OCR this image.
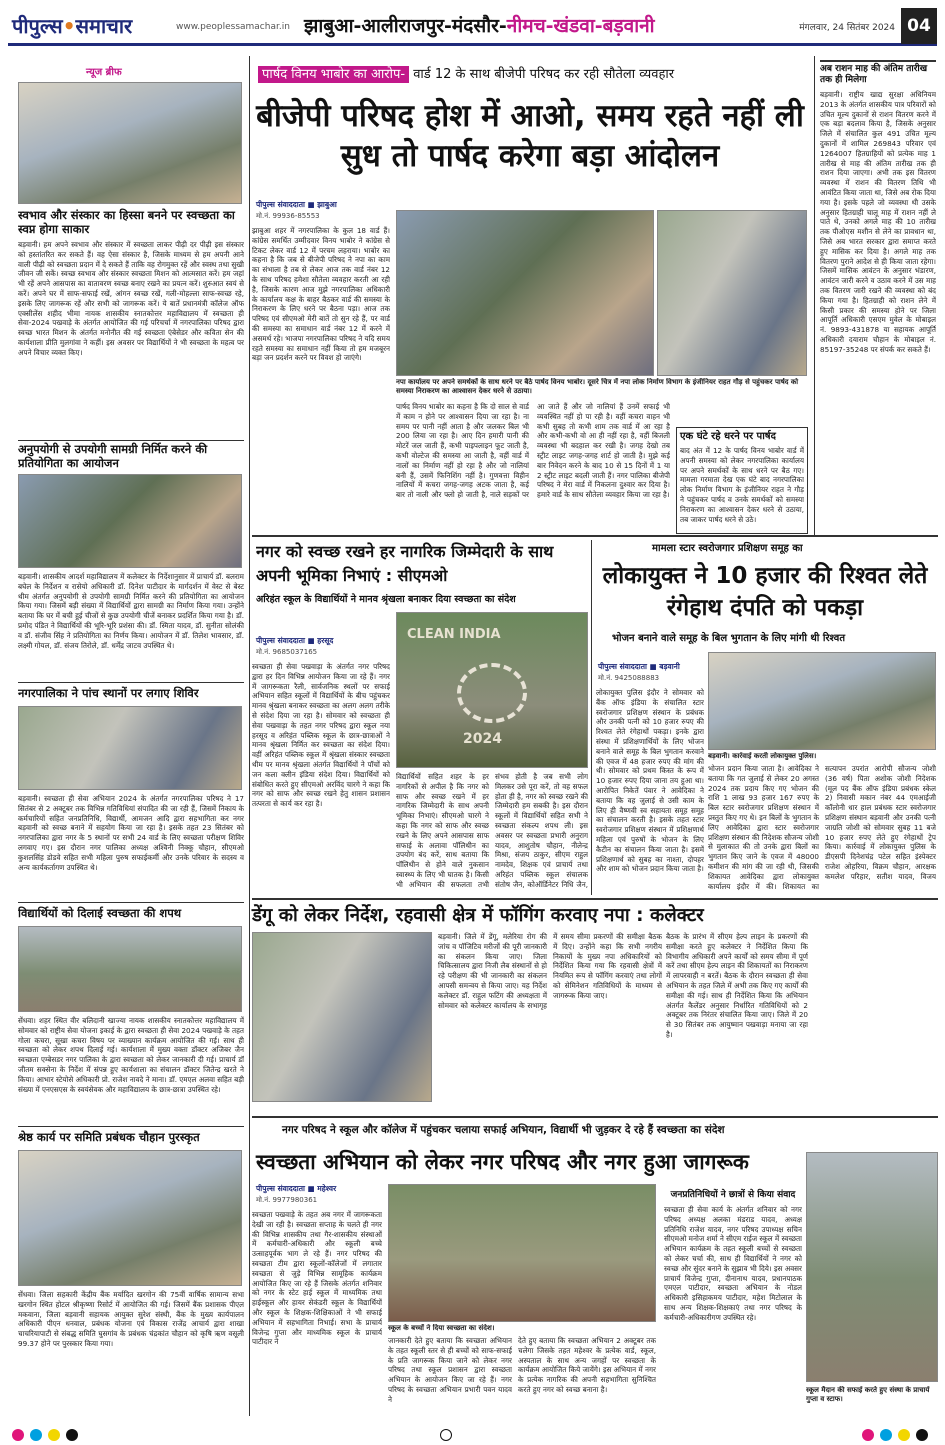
पीपुल्स•समाचार	www.peoplessamachar.in झाबुआ-आलीराजपुर-मंदसौर-नीमच-खंडवा-बड़वानी	मंगलवार, 24 सितंबर 2024 04
न्यूज ब्रीफ
स्वभाव और संस्कार का हिस्सा बनने पर स्वच्छता का स्वप्न होगा साकार
बड़वानी। हम अपने स्वभाव और संस्कार में स्वच्छता लाकर पीढ़ी दर पीढ़ी इस संस्कार को हस्तांतरित कर सकते हैं। वह ऐसा संस्कार है, जिसके माध्यम से हम अपनी आने वाली पीढ़ी को स्वच्छता प्रदान में दे सकते हैं ताकि वह रोगमुक्त रहें और स्वस्थ तथा सुखी जीवन जी सकें। स्वच्छ स्वभाव और संस्कार स्वच्छता मिशन को आत्मसात करें। हम जहां भी रहें अपने आसपास का वातावरण स्वच्छ बनाए रखने का प्रयत्न करें। शुरुआत स्वयं से करें। अपने घर में साफ-सफाई रखें, आंगन स्वच्छ रखें, गली-मोहल्ला साफ-स्वच्छ रहे, इसके लिए जागरूक रहें और सभी को जागरूक करें। ये बातें प्रधानमंत्री कॉलेज ऑफ एक्सीलेंस शहीद भीमा नायक शासकीय स्नातकोत्तर महाविद्यालय में स्वच्छता ही सेवा-2024 पखवाड़े के अंतर्गत आयोजित की गई परिचर्चा में नगरपालिका परिषद द्वारा स्वच्छ भारत मिशन के अंतर्गत मनोनीत की गई स्वच्छता एंबेसेडर और कविता सेन की कार्यशाला प्रीति मुलगांवा ने कहीं। इस अवसर पर विद्यार्थियों ने भी स्वच्छता के महत्व पर अपने विचार व्यक्त किए।
अनुपयोगी से उपयोगी सामग्री निर्मित करने की प्रतियोगिता का आयोजन
बड़वानी। शासकीय आदर्श महाविद्यालय में कलेक्टर के निर्देशानुसार में प्राचार्य डॉ. बलराम बघेल के निर्देशन व रासेयो अधिकारी डॉ. दिनेश पाटीदार के मार्गदर्शन में वेस्ट से बेस्ट थीम अंतर्गत अनुपयोगी से उपयोगी सामग्री निर्मित करने की प्रतियोगिता का आयोजन किया गया। जिसमें बड़ी संख्या में विद्यार्थियों द्वारा सामग्री का निर्माण किया गया। उन्होंने बताया कि घर में बची हुई चीजों से कुछ उपयोगी चीजें बनाकर प्रदर्शित किया गया है। डॉ. प्रमोद पंडित ने विद्यार्थियों की भूरि-भूरि प्रशंसा की। डॉ. स्मिता यादव, डॉ. सुनीता सोलंकी व डॉ. संजीव सिंह ने प्रतियोगिता का निर्णय किया। आयोजन में डॉ. तिलेश भावसार, डॉ. लक्ष्मी गोयल, डॉ. संजय तिरोले, डॉ. धर्मेंद्र जाटव उपस्थित थे।
नगरपालिका ने पांच स्थानों पर लगाए शिविर
बड़वानी। स्वच्छता ही सेवा अभियान 2024 के अंतर्गत नगरपालिका परिषद ने 17 सितंबर से 2 अक्टूबर तक विभिन्न गतिविधियां संपादित की जा रही हैं, जिसमें निकाय के कर्मचारियों सहित जनप्रतिनिधि, विद्यार्थी, आमजन आदि द्वारा सहभागिता कर नगर बड़वानी को स्वच्छ बनाने में सहयोग किया जा रहा है। इसके तहत 23 सितंबर को नगरपालिका द्वारा नगर के 5 स्थानों पर सभी 24 वार्ड के लिए स्वच्छता परीक्षण शिविर लगवाए गए। इस दौरान नगर पालिका अध्यक्ष अश्विनी निक्कू चौहान, सीएमओ कुशलसिंह डोडवे सहित सभी महिला पुरुष सफाईकर्मी और उनके परिवार के सदस्य व अन्य कार्यकर्तागण उपस्थित थे।
विद्यार्थियों को दिलाई स्वच्छता की शपथ
सेंधवा। शहर स्थित वीर बलिदानी खाज्या नायक शासकीय स्नातकोत्तर महाविद्यालय में सोमवार को राष्ट्रीय सेवा योजना इकाई के द्वारा स्वच्छता ही सेवा 2024 पखवाड़े के तहत गोला कचरा, सूखा कचरा विषय पर व्याख्यान कार्यक्रम आयोजित की गई। साथ ही स्वच्छता को लेकर शपथ दिलाई गई। कार्यशाला में मुख्य वक्ता डॉक्टर अजिबर जैन स्वच्छता एम्बेसडर नगर पालिका के द्वारा स्वच्छता को लेकर जानकारी दी गई। प्राचार्य डॉ जीतम सक्सेना के निर्देश में संपन्न हुए कार्यशाला का संचालन डॉक्टर जितेन्द्र खरते ने किया। आभार स्टेयोसे अधिकारी प्रो. राजेश नावदे ने माना। डॉ. एमएल अलवा सहित बड़ी संख्या में एनएसएस के स्वयंसेवक और महाविद्यालय के छात्र-छात्रा उपस्थित रहे।
श्रेष्ठ कार्य पर समिति प्रबंधक चौहान पुरस्कृत
सेंधवा। जिला सहकारी केंद्रीय बैंक मर्यादित खरगोन की 75वीं वार्षिक सामान्य सभा खरगोन स्थित होटल श्रीकृष्णा रिसोर्ट में आयोजित की गई। जिसमें बैंक प्रशासक पीएल मकवाना, जिला बड़वानी सहायक आयुक्त सुरेश संस्थी, बैंक के मुख्य कार्यपालन अधिकारी पीएन धनवाल, प्रबंधक योजना एवं विकास राजेंद्र आचार्य द्वारा शाखा चाचरियापाटी से संबद्ध समिति घुसगांव के प्रबंधक चंद्रकांत चौहान को कृषि ऋण वसूली 99.37 होने पर पुरस्कार किया गया।
पार्षद विनय भाबोर का आरोप- वार्ड 12 के साथ बीजेपी परिषद कर रही सौतेला व्यवहार
बीजेपी परिषद होश में आओ, समय रहते नहीं ली सुध तो पार्षद करेगा बड़ा आंदोलन
पीपुल्स संवाददाता ■ झाबुआ
मो.नं. 99936-85553
झाबुआ शहर में नगरपालिका के कुल 18 वार्ड हैं। कांग्रेस समर्थित उम्मीदवार विनय भाबोर ने कांग्रेस से टिकट लेकर वार्ड 12 में परचम लहराया। भाबोर का कहना है कि जब से बीजेपी परिषद ने नपा का काम का संभाला है तब से लेकर आज तक वार्ड नंबर 12 के साथ परिषद हमेशा सौतेला व्यवहार करती आ रही है, जिसके कारण आज मुझे नगरपालिका अधिकारी के कार्यालय कक्ष के बाहर बैठकर वार्ड की समस्या के निराकरण के लिए धरने पर बैठना पड़ा। आज तक परिषद एवं सीएमओ मेरी बातें तो सुन रहे हैं, पर वार्ड की समस्या का समाधान वार्ड नंबर 12 में करने में असमर्थ रहे। भाजपा नगरपालिका परिषद ने यदि समय रहते समस्या का समाधान नहीं किया तो हम मजबूरन बड़ा जन प्रदर्शन करने पर विवश हो जाएंगे।
नपा कार्यालय पर अपने समर्थकों के साथ धरने पर बैठे पार्षद विनय भाबोर। दूसरे चित्र में नपा लोक निर्माण विभाग के इंजीनियर राहत गौड़ से पहुंचकर पार्षद को समस्या निराकरण का आश्वासन देकर धरने से उठाया।
पार्षद विनय भाबोर का कहना है कि दो साल से वार्ड में काम न होने पर आश्वासन दिया जा रहा है। ना समय पर पानी नहीं आता है और जलकर बिल भी 200 लिया जा रहा है। आए दिन हमारी पानी की मोटरें जल जाती हैं, कभी पाइपलाइन फूट जाती है, कभी वोल्टेज की समस्या आ जाती है, वहीं वार्ड में नालों का निर्माण नहीं हो रहा है और जो नालियां बनी हैं, उसमें फिनिशिंग नहीं है। गुणवत्ता विहीन नालियों में कचरा जगह-जगह अटक जाता है, कई बार तो नाली और फ्लो हो जाती है, नाले सड़कों पर आ जाते हैं और जो नालियां हैं उनमें सफाई भी व्यवस्थित नहीं हो पा रही है। वहीं कचरा वाहन भी कभी सुबह तो कभी शाम तक वार्ड में आ रहा है और कभी-कभी वो आ ही नहीं रहा है, वहीं बिजली व्यवस्था भी बदहाल कर रखी है। जगह देखो तब स्ट्रीट लाइट जगह-जगह शार्ट हो जाती है। मुझे कई बार निवेदन करने के बाद 10 से 15 दिनों में 1 या 2 स्ट्रीट लाइट बदली जाती हैं। नगर पालिका बीजेपी परिषद ने मेरा वार्ड में निकलना दुश्वार कर दिया है। हमारे वार्ड के साथ सौतेला व्यवहार किया जा रहा है।
एक घंटे रहे धरने पर पार्षद
बाद अंत में 12 के पार्षद विनय भाबोर वार्ड में अपनी समस्या को लेकर नगरपालिका कार्यालय पर अपने समर्थकों के साथ धरने पर बैठ गए। मामला गरमाता देख एक घंटे बाद नगरपालिका लोक निर्माण विभाग के इंजीनियर राहत ने गौड़ ने पहुंचकर पार्षद व उनके समर्थकों को समस्या निराकरण का आश्वासन देकर धरने से उठाया, तब जाकर पार्षद धरने से उठे।
अब राशन माह की अंतिम तारीख तक ही मिलेगा
बड़वानी। राष्ट्रीय खाद्य सुरक्षा अधिनियम 2013 के अंतर्गत शासकीय पात्र परिवारों को उचित मूल्य दुकानों से राशन वितरण करने में एक बड़ा बदलाव किया है, जिसके अनुसार जिले में संचालित कुल 491 उचित मूल्य दुकानों में शामिल 269843 परिवार एवं 1264007 हितग्राहियों को प्रत्येक माह 1 तारीख से माह की अंतिम तारीख तक ही राशन दिया जाएगा। अभी तक इस वितरण व्यवस्था में राशन की वितरण तिथि भी आवंटित किया जाता था, जिसे अब रोक दिया गया है। इसके पहले जो व्यवस्था थी उसके अनुसार हितग्राही चालू माह में राशन नहीं ले पाते थे, उनको अगले माह की 10 तारीख तक पीओएस मशीन से लेने का प्रावधान था, जिसे अब भारत सरकार द्वारा समाप्त करते हुए मासिक कर दिया है। अगले माह तक वितरण पुराने आदेश से ही किया जाता रहेगा। जिसमें मासिक आवंटन के अनुसार भंडारण, आवंटन जारी करने व उठाव करने में उस माह तक वितरण जारी रखने की व्यवस्था को बंद किया गया है। हितग्राही को राशन लेने में किसी प्रकार की समस्या होने पर जिला आपूर्ति अधिकारी एसएम मुवेल के मोबाइल नं. 9893-431878 या सहायक आपूर्ति अधिकारी दयाराम चौहान के मोबाइल नं. 85197-35248 पर संपर्क कर सकते हैं।
नगर को स्वच्छ रखने हर नागरिक जिम्मेदारी के साथ अपनी भूमिका निभाएं : सीएमओ
अरिहंत स्कूल के विद्यार्थियों ने मानव श्रृंखला बनाकर दिया स्वच्छता का संदेश
पीपुल्स संवाददाता ■ हरसूद
मो.नं. 9685037165
स्वच्छता ही सेवा पखवाड़ा के अंतर्गत नगर परिषद द्वारा हर दिन विभिन्न आयोजन किया जा रहे हैं। नगर में जागरूकता रैली, सार्वजनिक स्थलों पर सफाई अभियान सहित स्कूलों में विद्यार्थियों के बीच पहुंचकर मानव श्रृंखला बनाकर स्वच्छता का अलग अलग तरीके से संदेश दिया जा रहा है। सोमवार को स्वच्छता ही सेवा पखवाड़ा के तहत नगर परिषद द्वारा स्कूल नया हरसूद व अरिहंत पब्लिक स्कूल के छात्र-छात्राओं ने मानव श्रृंखला निर्मित कर स्वच्छता का संदेश दिया। वहीं अरिहंत पब्लिक स्कूल में श्रृंखला संस्कार स्वच्छता थीम पर मानव श्रृंखला अंतर्गत विद्यार्थियों ने पॉचों को जन कला क्लीन इंडिया संदेश दिया। विद्यार्थियों को संबोधित करते हुए सीएमओ अरविंद चारगे ने कहा कि नगर को साफ और स्वच्छ रखने हेतु शासन प्रशासन तत्परता से कार्य कर रहा है।
CLEAN INDIA
2024
विद्यार्थियों सहित शहर के हर नागरिकों से अपील है कि नगर को साफ और स्वच्छ रखने में हर नागरिक जिम्मेदारी के साथ अपनी भूमिका निभाएं। सीएमओ चारगे ने कहा कि नगर को साफ और स्वच्छ रखने के लिए अपने आसपास साफ सफाई के अलावा पॉलिथीन का उपयोग बंद करें, साथ बताया कि पॉलिथीन से होने वाले नुकसान स्वास्थ्य के लिए भी घातक है। किसी भी अभियान की सफलता तभी संभव होती है जब सभी लोग मिलकर उसे पूरा करें, तो वह सफल होता ही है, नगर को स्वच्छ रखने की जिम्मेदारी हम सबकी है। इस दौरान स्कूलों में विद्यार्थियों सहित सभी ने स्वच्छता संकल्प शपथ ली। इस अवसर पर स्वच्छता प्रभारी अनुराग यादव, आशुतोष चौहान, नीलेन्द्र मिश्रा, संजय ठाकुर, सीएम राहुल नामदेव, शिक्षक एवं प्राचार्य तथा अरिहंत पब्लिक स्कूल संचालक संतोष जैन, कोऑर्डिनेटर निधि जैन,
मामला स्टार स्वरोजगार प्रशिक्षण समूह का
लोकायुक्त ने 10 हजार की रिश्वत लेते रंगेहाथ दंपति को पकड़ा
भोजन बनाने वाले समूह के बिल भुगतान के लिए मांगी थी रिश्वत
पीपुल्स संवाददाता ■ बड़वानी
मो.नं. 9425088883
लोकायुक्त पुलिस इंदौर ने सोमवार को बैंक ऑफ इंडिया के संचालित स्टार स्वरोजगार प्रशिक्षण संस्थान के प्रबंधक और उनकी पत्नी को 10 हजार रुपए की रिश्वत लेते रंगेहाथों पकड़ा। इनके द्वारा संस्था में प्रशिक्षणार्थियों के लिए भोजन बनाने वाले समूह के बिल भुगतान करवाने की एवज में 48 हजार रुपए की मांग की थी। सोमवार को प्रथम किस्त के रूप में 10 हजार रुपए दिया जाना तय हुआ था। आरोपित निकेतें पंवार ने आवेदिका ने बताया कि वह जुलाई से उसी काम के लिए ही वैष्णवी स्व सहायता समूह समूह का संचालन करती है। इसके तहत स्टार स्वरोजगार प्रशिक्षण संस्थान में प्रशिक्षणार्थ महिला एवं पुरुषों के भोजन के लिए कैटीन का संचालन किया जाता है। इसमें प्रशिक्षणार्थ को सुबह का नाश्ता, दोपहर और शाम को भोजन प्रदान किया जाता है।
बड़वानी। कार्रवाई करती लोकायुक्त पुलिस।
भोजन प्रदान किया जाता है। आवेदिका ने बताया कि गत जुलाई से लेकर 20 अगस्त 2024 तक प्रदाय किए गए भोजन की राशि 1 लाख 93 हजार 167 रुपए के बिल स्टार स्वरोजगार प्रशिक्षण संस्थान में प्रस्तुत किए गए थे। इन बिलों के भुगतान के लिए आवेदिका द्वारा स्टार स्वरोजगार प्रशिक्षण संस्थान की निदेशक सौजन्य जोशी से मुलाकात की तो उनके द्वारा बिलों का भुगतान किए जाने के एवज में 48000 कमीशन की मांग की जा रही थी, जिसकी शिकायत आवेदिका द्वारा लोकायुक्त कार्यालय इंदौर में की। शिकायत का सत्यापन उपरांत आरोपी सौजन्य जोशी (36 वर्ष) पिता अशोक जोशी निदेशक (मूल पद बैंक ऑफ इंडिया प्रबंधक स्केल 2) निवासी मकान नंबर 44 एमआईजी कॉलोनी धार हाल प्रबंधक स्टार स्वरोजगार प्रशिक्षण संस्थान बड़वानी और उनकी पत्नी जाग्रति जोशी को सोमवार सुबह 11 बजे 10 हजार रुपए लेते हुए रंगेहाथों ट्रेप किया। कार्रवाई में लोकायुक्त पुलिस के डीएसपी दिनेशचंद्र पटेल सहित इंस्पेक्टर राजेश ओहरिया, विक्रम चौहान, आरक्षक कमलेश परिहार, सतीश यादव, विजय
डेंगू को लेकर निर्देश, रहवासी क्षेत्र में फॉगिंग करवाए नपा : कलेक्टर
बड़वानी। जिले में डेंगू, मलेरिया रोग की जांच व पॉजिटिव मरीजों की पूरी जानकारी का संकलन किया जाए। जिला चिकित्सालय द्वारा निजी लैब संस्थानों से हो रहे परीक्षण की भी जानकारी का संकलन आपसी समन्वय से किया जाए। यह निर्देश कलेक्टर डॉ. राहुल फटिंग की अध्यक्षता में सोमवार को कलेक्टर कार्यालय के सभागृह में समय सीमा प्रकरणों की समीक्षा बैठक में दिए। उन्होंने कहा कि सभी नगरीय निकायों के मुख्य नपा अधिकारियों को निर्देशित किया गया कि रहवासी क्षेत्रों में नियमित रूप से फॉगिंग करवाएं तथा लोगों को सेमिनेशन गतिविधियों के माध्यम से जागरूक किया जाए।
बैठक के प्रारंभ में सीएम हेल्प लाइन के प्रकरणों की समीक्षा करते हुए कलेक्टर ने निर्देशित किया कि विभागीय अधिकारी अपने कार्यों को समय सीमा में पूर्ण करें तथा सीएम हेल्प लाइन की शिकायतों का निराकरण में लापरवाही न बरतें। बैठक के दौरान स्वच्छता ही सेवा अभियान के तहत जिले में अभी तक किए गए कार्यों की समीक्षा की गई। साथ ही निर्देशित किया कि अभियान अंतर्गत कैलेंडर अनुसार निर्धारित गतिविधियों को 2 अक्टूबर तक निरंतर संचालित किया जाए। जिले में 20 से 30 सितंबर तक आयुष्मान पखवाड़ा मनाया जा रहा है।
नगर परिषद ने स्कूल और कॉलेज में पहुंचकर चलाया सफाई अभियान, विद्यार्थी भी जुड़कर दे रहे हैं स्वच्छता का संदेश
स्वच्छता अभियान को लेकर नगर परिषद और नगर हुआ जागरूक
पीपुल्स संवाददाता ■ महेश्वर
मो.नं. 9977980361
स्वच्छता पखवाड़े के तहत अब नगर में जागरूकता देखी जा रही है। स्वच्छता सप्ताह के चलते ही नगर की विभिन्न शासकीय तथा गैर-शासकीय संस्थाओं में कर्मचारी-अधिकारी और स्कूली बच्चे उत्साहपूर्वक भाग ले रहे हैं। नगर परिषद की स्वच्छता टीम द्वारा स्कूलों-कॉलेजों में लगातार स्वच्छता से जुड़े विभिन्न सामूहिक कार्यक्रम आयोजित किए जा रहे हैं जिसके अंतर्गत शनिवार को नगर के स्टेट हाई स्कूल में माध्यमिक तथा हाईस्कूल और हायर सेकंडरी स्कूल के विद्यार्थियों और स्कूल के शिक्षक-शिक्षिकाओं ने भी सफाई अभियान में सहभागिता निभाई। सभा के प्राचार्य विजेन्द्र गुप्ता और माध्यमिक स्कूल के प्राचार्य पाटीदार ने
स्कूल के बच्चों ने दिया स्वच्छता का संदेश।
जानकारी देते हुए बताया कि स्वच्छता अभियान के तहत स्कूली स्तर से ही बच्चों को साफ-सफाई के प्रति जागरूक किया जाने को लेकर नगर परिषद तथा स्कूल प्रशासन द्वारा स्वच्छता अभियान के आयोजन किए जा रहे हैं। नगर परिषद के स्वच्छता अभियान प्रभारी पवन यादव ने
देते हुए बताया कि स्वच्छता अभियान 2 अक्टूबर तक चलेगा जिसके तहत महेश्वर के प्रत्येक वार्ड, स्कूल, अस्पताल के साथ अन्य जगहों पर स्वच्छता के कार्यक्रम आयोजित किये जायेंगे। इस अभियान में नगर के प्रत्येक नागरिक की अपनी सहभागिता सुनिश्चित करते हुए नगर को स्वच्छ बनाना है।
जनप्रतिनिधियों ने छात्रों से किया संवाद
स्वच्छता ही सेवा कार्य के अंतर्गत शनिवार को नगर परिषद अध्यक्ष अलका मंडराड यादव, अध्यक्ष प्रतिनिधि राजेश यादव, नगर परिषद उपाध्यक्ष सचिन सीएमओ मनोज शर्मा ने सीएम राईज स्कूल में स्वच्छता अभियान कार्यक्रम के तहत स्कूली बच्चों से स्वच्छता को लेकर चर्चा की, साथ ही विद्यार्थियों ने नगर को स्वच्छ और सुंदर बनाने के सुझाव भी दिये। इस अवसर प्राचार्य विजेन्द्र गुप्ता, दीनानाथ यादव, प्रधानपाठक एमएल पाटीदार, स्वच्छता अभियान के नोडल अधिकारी इसिहाकमय पाटीदार, महेश मिटोलाल के साथ अन्य शिक्षक-शिक्षकाएं तथा नगर परिषद के कर्मचारी-अधिकारीगण उपस्थित रहे।
स्कूल मैदान की सफाई करते हुए संस्था के प्राचार्य गुप्ता व स्टाफ।
